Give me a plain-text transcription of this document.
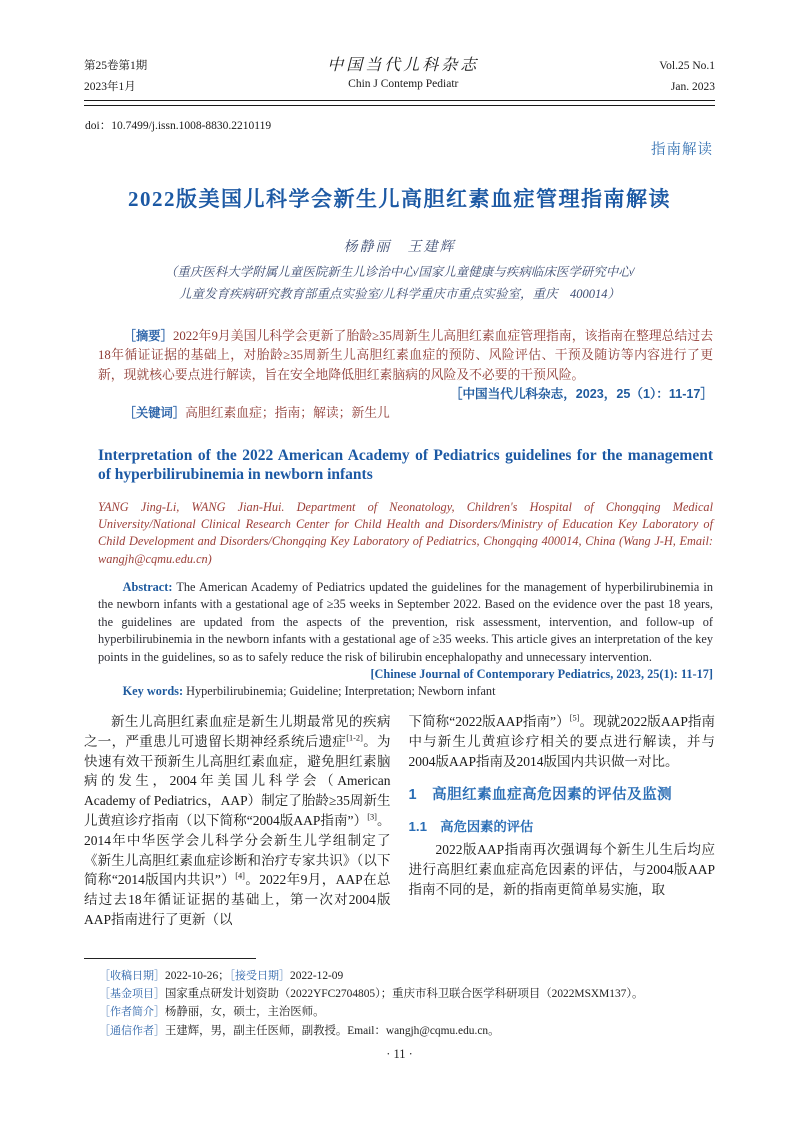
第25卷第1期
2023年1月
中国当代儿科杂志
Chin J Contemp Pediatr
Vol.25 No.1
Jan. 2023
doi：10.7499/j.issn.1008-8830.2210119
指南解读
2022版美国儿科学会新生儿高胆红素血症管理指南解读
杨静丽　王建辉
（重庆医科大学附属儿童医院新生儿诊治中心/国家儿童健康与疾病临床医学研究中心/
儿童发育疾病研究教育部重点实验室/儿科学重庆市重点实验室，重庆　400014）

［摘要］2022年9月美国儿科学会更新了胎龄≥35周新生儿高胆红素血症管理指南，该指南在整理总结过去18年循证证据的基础上，对胎龄≥35周新生儿高胆红素血症的预防、风险评估、干预及随访等内容进行了更新，现就核心要点进行解读，旨在安全地降低胆红素脑病的风险及不必要的干预风险。

［中国当代儿科杂志，2023，25（1）：11-17］

［关键词］高胆红素血症；指南；解读；新生儿

Interpretation of the 2022 American Academy of Pediatrics guidelines for the management of hyperbilirubinemia in newborn infants
YANG Jing-Li, WANG Jian-Hui. Department of Neonatology, Children's Hospital of Chongqing Medical University/National Clinical Research Center for Child Health and Disorders/Ministry of Education Key Laboratory of Child Development and Disorders/Chongqing Key Laboratory of Pediatrics, Chongqing 400014, China (Wang J-H, Email: wangjh@cqmu.edu.cn)

Abstract: The American Academy of Pediatrics updated the guidelines for the management of hyperbilirubinemia in the newborn infants with a gestational age of ≥35 weeks in September 2022. Based on the evidence over the past 18 years, the guidelines are updated from the aspects of the prevention, risk assessment, intervention, and follow-up of hyperbilirubinemia in the newborn infants with a gestational age of ≥35 weeks. This article gives an interpretation of the key points in the guidelines, so as to safely reduce the risk of bilirubin encephalopathy and unnecessary intervention.

[Chinese Journal of Contemporary Pediatrics, 2023, 25(1): 11-17]

Key words: Hyperbilirubinemia; Guideline; Interpretation; Newborn infant

新生儿高胆红素血症是新生儿期最常见的疾病之一，严重患儿可遗留长期神经系统后遗症[1-2]。为快速有效干预新生儿高胆红素血症，避免胆红素脑病的发生，2004年美国儿科学会（American Academy of Pediatrics，AAP）制定了胎龄≥35周新生儿黄疸诊疗指南（以下简称“2004版AAP指南”）[3]。2014年中华医学会儿科学分会新生儿学组制定了《新生儿高胆红素血症诊断和治疗专家共识》（以下简称“2014版国内共识”）[4]。2022年9月，AAP在总结过去18年循证证据的基础上，第一次对2004版AAP指南进行了更新（以

下简称“2022版AAP指南”）[5]。现就2022版AAP指南中与新生儿黄疸诊疗相关的要点进行解读，并与2004版AAP指南及2014版国内共识做一对比。

1　高胆红素血症高危因素的评估及监测
1.1　高危因素的评估

2022版AAP指南再次强调每个新生儿生后均应进行高胆红素血症高危因素的评估，与2004版AAP指南不同的是，新的指南更简单易实施，取

［收稿日期］2022-10-26；［接受日期］2022-12-09
［基金项目］国家重点研发计划资助（2022YFC2704805）；重庆市科卫联合医学科研项目（2022MSXM137）。
［作者简介］杨静丽，女，硕士，主治医师。
［通信作者］王建辉，男，副主任医师，副教授。Email：wangjh@cqmu.edu.cn。
· 11 ·
